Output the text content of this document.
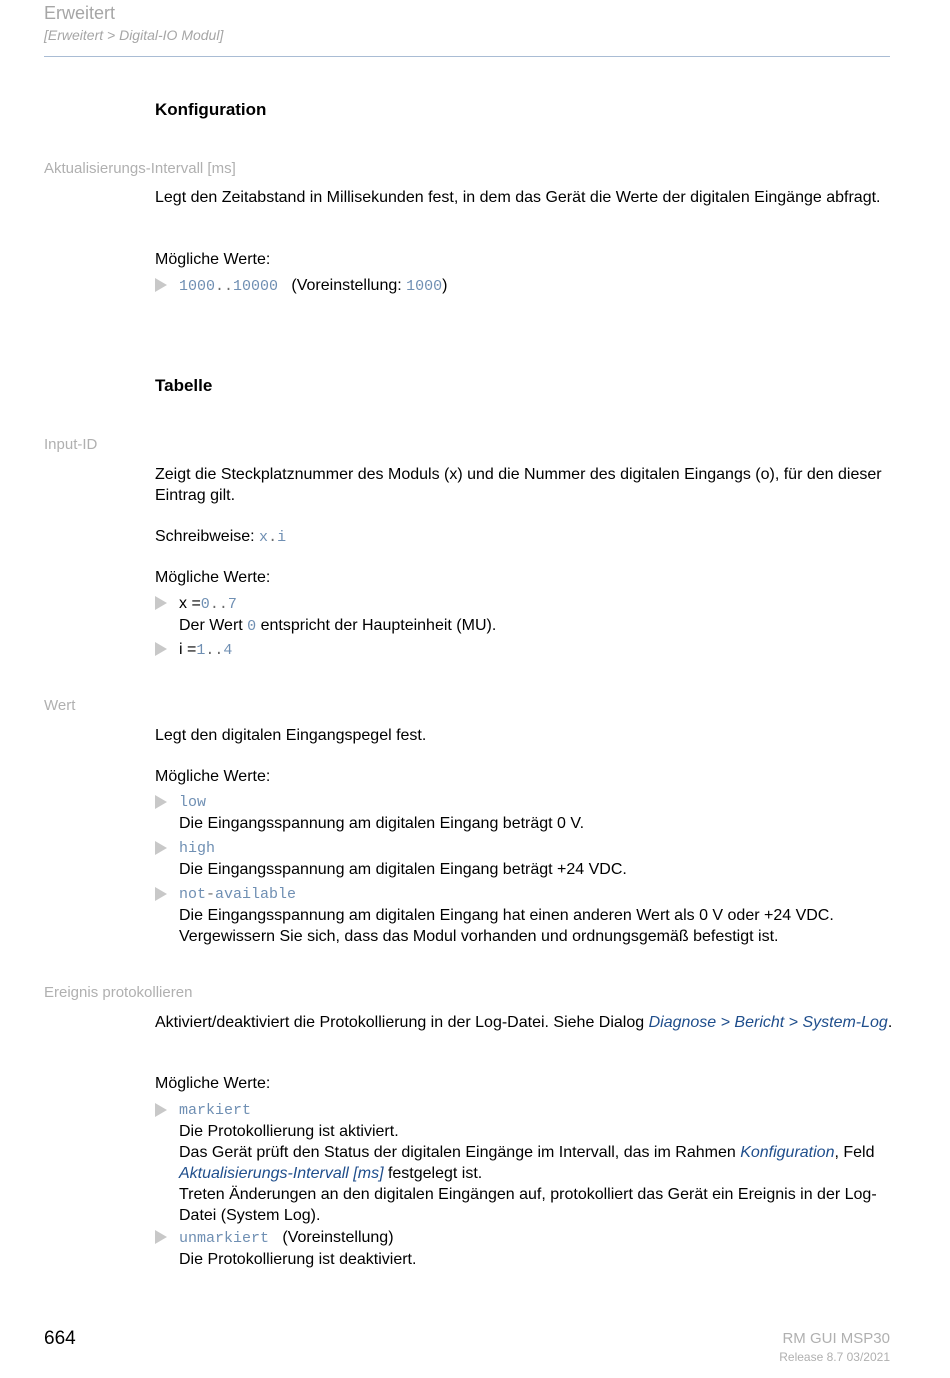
Erweitert
[Erweitert > Digital-IO Modul]
Konfiguration
Aktualisierungs-Intervall [ms]
Legt den Zeitabstand in Millisekunden fest, in dem das Gerät die Werte der digitalen Eingänge abfragt.
Mögliche Werte:
1000..10000 (Voreinstellung: 1000)
Tabelle
Input-ID
Zeigt die Steckplatznummer des Moduls (x) und die Nummer des digitalen Eingangs (o), für den dieser Eintrag gilt.
Schreibweise: x.i
Mögliche Werte:
x =0..7
Der Wert 0 entspricht der Haupteinheit (MU).
i =1..4
Wert
Legt den digitalen Eingangspegel fest.
Mögliche Werte:
low
Die Eingangsspannung am digitalen Eingang beträgt 0 V.
high
Die Eingangsspannung am digitalen Eingang beträgt +24 VDC.
not-available
Die Eingangsspannung am digitalen Eingang hat einen anderen Wert als 0 V oder +24 VDC.
Vergewissern Sie sich, dass das Modul vorhanden und ordnungsgemäß befestigt ist.
Ereignis protokollieren
Aktiviert/deaktiviert die Protokollierung in der Log-Datei. Siehe Dialog Diagnose > Bericht > System-Log.
Mögliche Werte:
markiert
Die Protokollierung ist aktiviert.
Das Gerät prüft den Status der digitalen Eingänge im Intervall, das im Rahmen Konfiguration, Feld Aktualisierungs-Intervall [ms] festgelegt ist.
Treten Änderungen an den digitalen Eingängen auf, protokolliert das Gerät ein Ereignis in der Log-Datei (System Log).
unmarkiert (Voreinstellung)
Die Protokollierung ist deaktiviert.
664	RM GUI MSP30
Release 8.7 03/2021
